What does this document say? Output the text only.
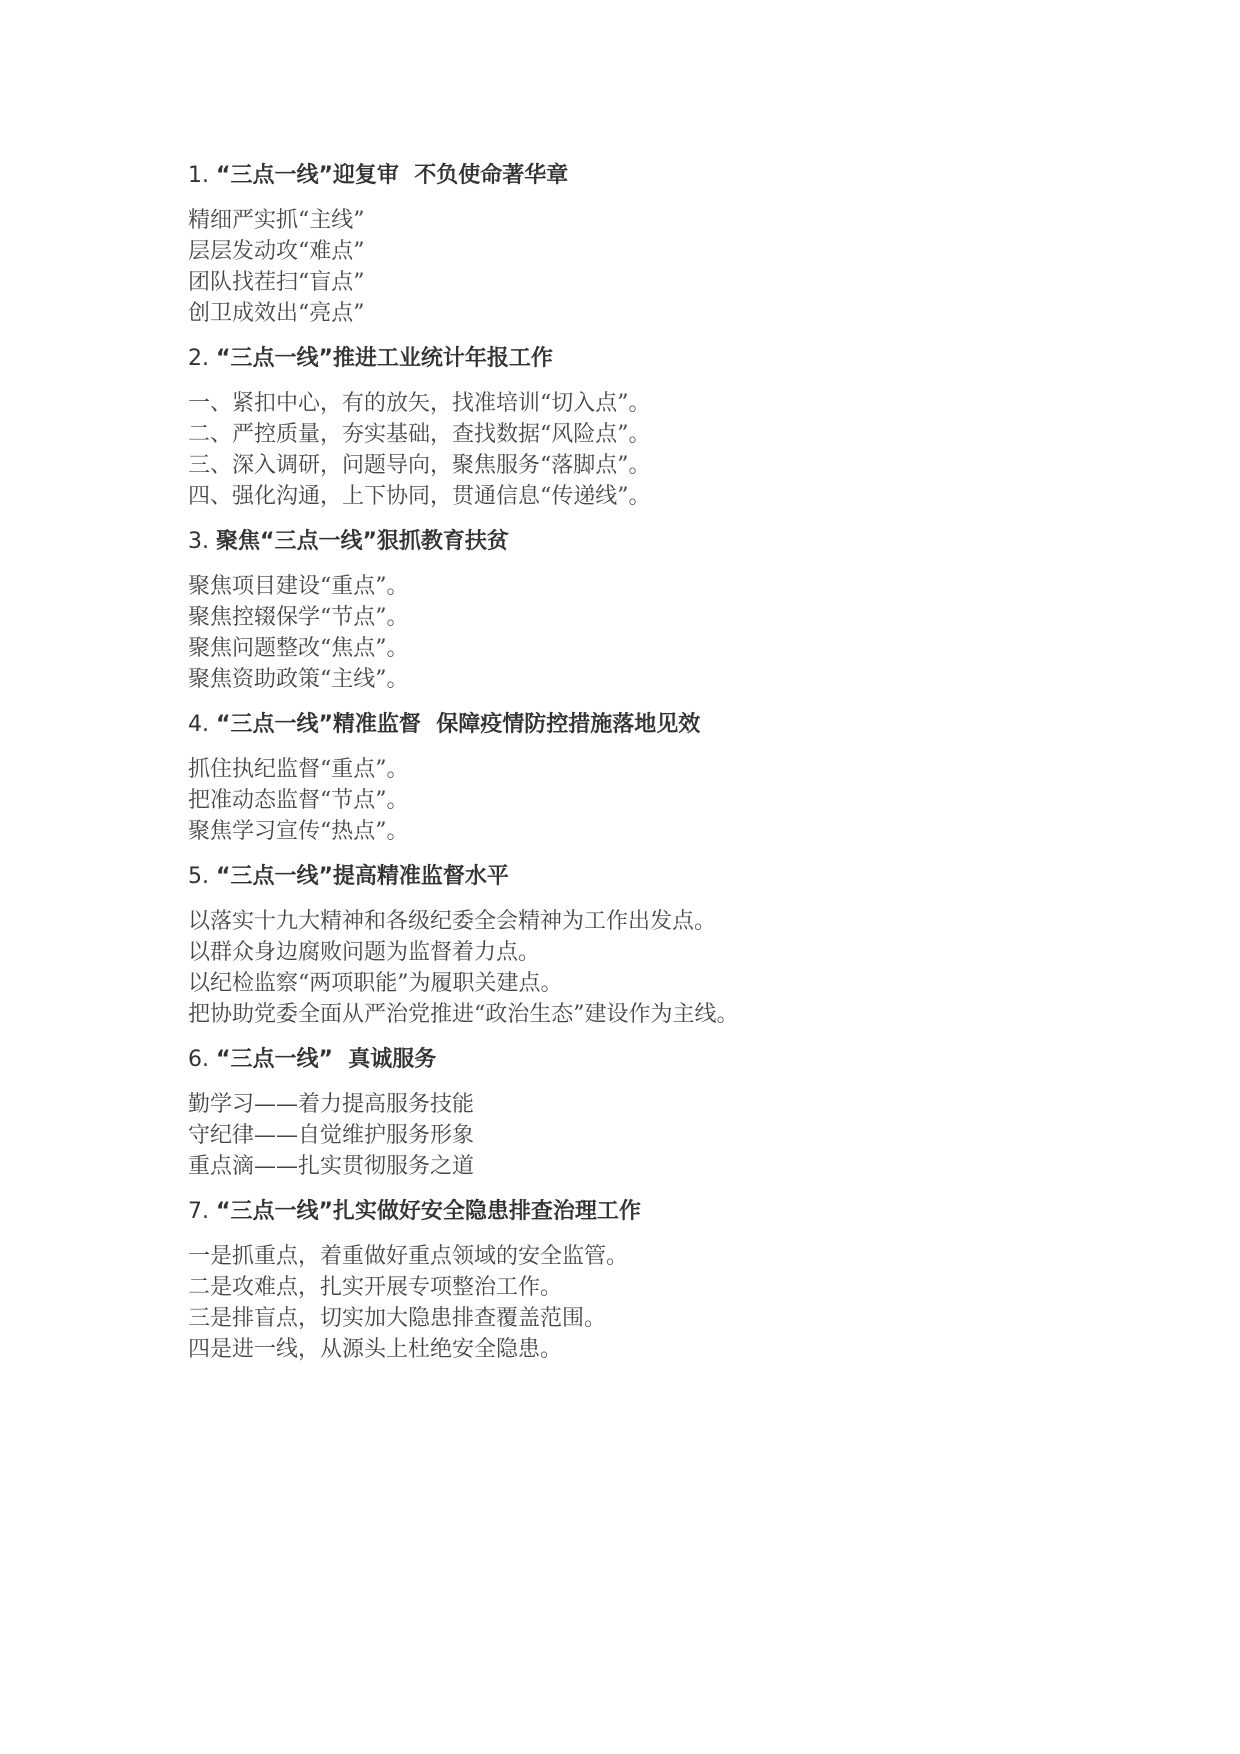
1. “三点一线”迎复审  不负使命著华章
精细严实抓“主线”
层层发动攻“难点”
团队找茬扫“盲点”
创卫成效出“亮点”
2. “三点一线”推进工业统计年报工作
一、紧扣中心，有的放矢，找准培训“切入点”。
二、严控质量，夯实基础，查找数据“风险点”。
三、深入调研，问题导向，聚焦服务“落脚点”。
四、强化沟通，上下协同，贯通信息“传递线”。
3. 聚焦“三点一线”狠抓教育扶贫
聚焦项目建设“重点”。
聚焦控辍保学“节点”。
聚焦问题整改“焦点”。
聚焦资助政策“主线”。
4. “三点一线”精准监督  保障疫情防控措施落地见效
抓住执纪监督“重点”。
把准动态监督“节点”。
聚焦学习宣传“热点”。
5. “三点一线”提高精准监督水平
以落实十九大精神和各级纪委全会精神为工作出发点。
以群众身边腐败问题为监督着力点。
以纪检监察“两项职能”为履职关建点。
把协助党委全面从严治党推进“政治生态”建设作为主线。
6. “三点一线”  真诚服务
勤学习——着力提高服务技能
守纪律——自觉维护服务形象
重点滴——扎实贯彻服务之道
7. “三点一线”扎实做好安全隐患排查治理工作
一是抓重点，着重做好重点领域的安全监管。
二是攻难点，扎实开展专项整治工作。
三是排盲点，切实加大隐患排查覆盖范围。
四是进一线，从源头上杜绝安全隐患。
